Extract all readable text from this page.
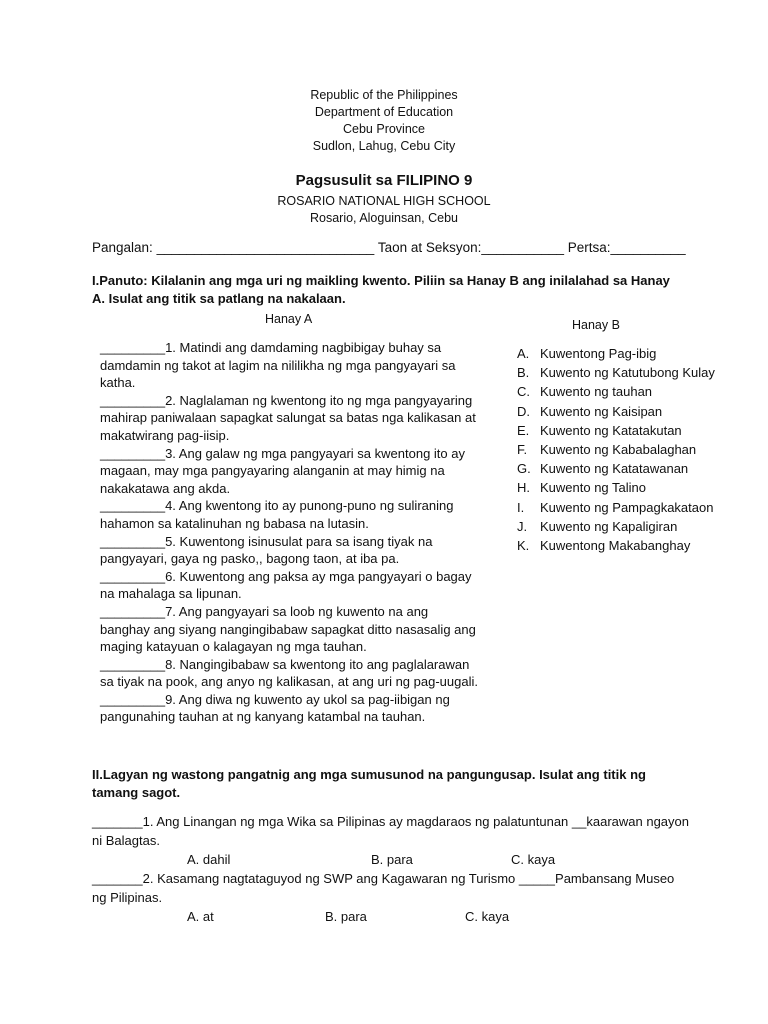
Republic of the Philippines
Department of Education
Cebu Province
Sudlon, Lahug, Cebu City
Pagsusulit sa FILIPINO 9
ROSARIO NATIONAL HIGH SCHOOL
Rosario, Aloguinsan, Cebu
Pangalan: _____________________________ Taon at Seksyon:___________ Pertsa:__________
I.Panuto: Kilalanin ang mga uri ng maikling kwento. Piliin sa Hanay B ang inilalahad sa Hanay A. Isulat ang titik sa patlang na nakalaan.
Hanay A	Hanay B
_________1. Matindi ang damdaming nagbibigay buhay sa damdamin ng takot at lagim na nililikha ng mga pangyayari sa katha.
_________2. Naglalaman ng kwentong ito ng mga pangyayaring mahirap paniwalaan sapagkat salungat sa batas nga kalikasan at makatwirang pag-iisip.
_________3. Ang galaw ng mga pangyayari sa kwentong ito ay magaan, may mga pangyayaring alanganin at may himig na nakakatawa ang akda.
_________4. Ang kwentong ito ay punong-puno ng suliraning hahamon sa katalinuhan ng babasa na lutasin.
_________5. Kuwentong isinusulat para sa isang tiyak na pangyayari, gaya ng pasko,, bagong taon, at iba pa.
_________6. Kuwentong ang paksa ay mga pangyayari o bagay na mahalaga sa lipunan.
_________7. Ang pangyayari sa loob ng kuwento na ang banghay ang siyang nangingibabaw sapagkat ditto nasasalig ang maging katayuan o kalagayan ng mga tauhan.
_________8. Nangingibabaw sa kwentong ito ang paglalarawan sa tiyak na pook, ang anyo ng kalikasan, at ang uri ng pag-uugali.
_________9. Ang diwa ng kuwento ay ukol sa pag-iibigan ng pangunahing tauhan at ng kanyang katambal na tauhan.
A. Kuwentong Pag-ibig
B. Kuwento ng Katutubong Kulay
C. Kuwento ng tauhan
D. Kuwento ng Kaisipan
E. Kuwento ng Katatakutan
F. Kuwento ng Kababalaghan
G. Kuwento ng Katatawanan
H. Kuwento ng Talino
I.	Kuwento ng Pampagkakataon
J. Kuwento ng Kapaligiran
K. Kuwentong Makabanghay
II.Lagyan ng wastong pangatnig ang mga sumusunod na pangungusap. Isulat ang titik ng tamang sagot.
_______1. Ang Linangan ng mga Wika sa Pilipinas ay magdaraos ng palatuntunan __kaarawan ngayon ni Balagtas.
A. dahil	B. para	C. kaya
_______2. Kasamang nagtataguyod ng SWP ang Kagawaran ng Turismo _____Pambansang Museo ng Pilipinas.
A. at	B. para	C. kaya
